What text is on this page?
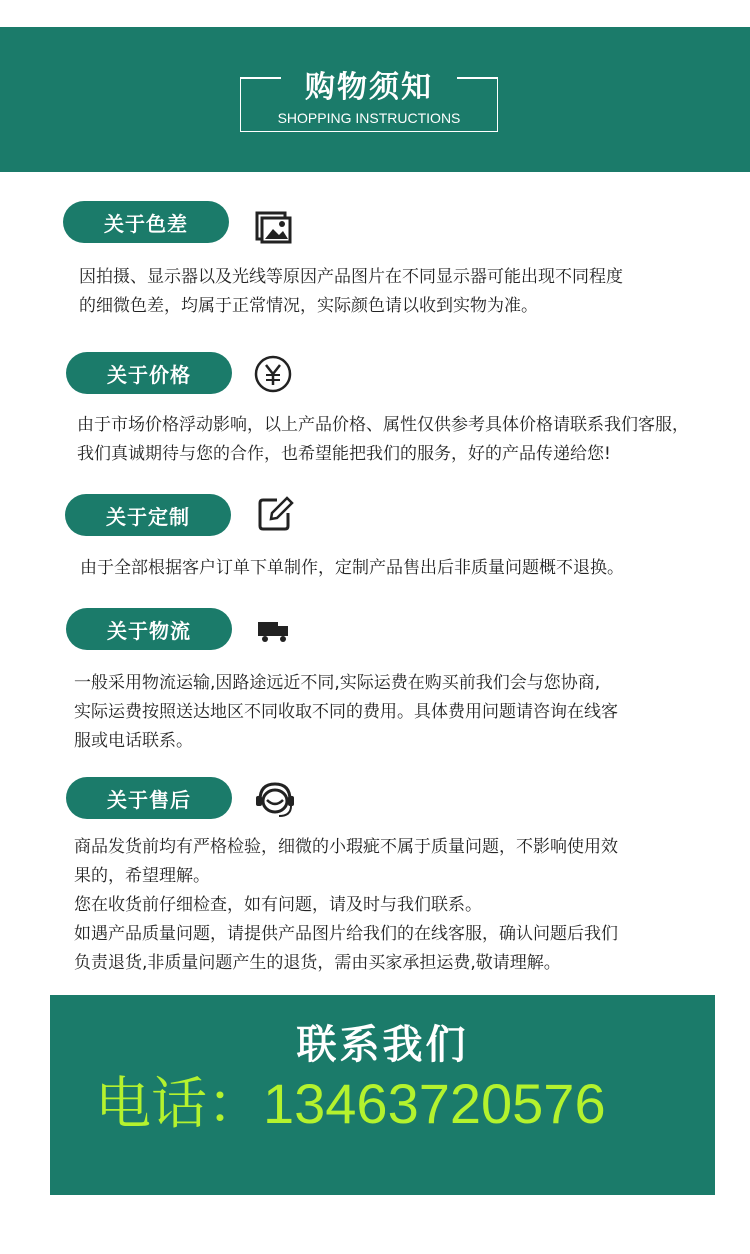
购物须知
SHOPPING INSTRUCTIONS
关于色差
因拍摄、显示器以及光线等原因产品图片在不同显示器可能出现不同程度
的细微色差，均属于正常情况，实际颜色请以收到实物为准。
关于价格
由于市场价格浮动影响，以上产品价格、属性仅供参考具体价格请联系我们客服，
我们真诚期待与您的合作，也希望能把我们的服务，好的产品传递给您!
关于定制
由于全部根据客户订单下单制作，定制产品售出后非质量问题概不退换。
关于物流
一般采用物流运输,因路途远近不同,实际运费在购买前我们会与您协商,
实际运费按照送达地区不同收取不同的费用。具体费用问题请咨询在线客
服或电话联系。
关于售后
商品发货前均有严格检验，细微的小瑕疵不属于质量问题，不影响使用效
果的，希望理解。
您在收货前仔细检查，如有问题，请及时与我们联系。
如遇产品质量问题，请提供产品图片给我们的在线客服，确认问题后我们
负责退货,非质量问题产生的退货，需由买家承担运费,敬请理解。
联系我们
电话：13463720576
